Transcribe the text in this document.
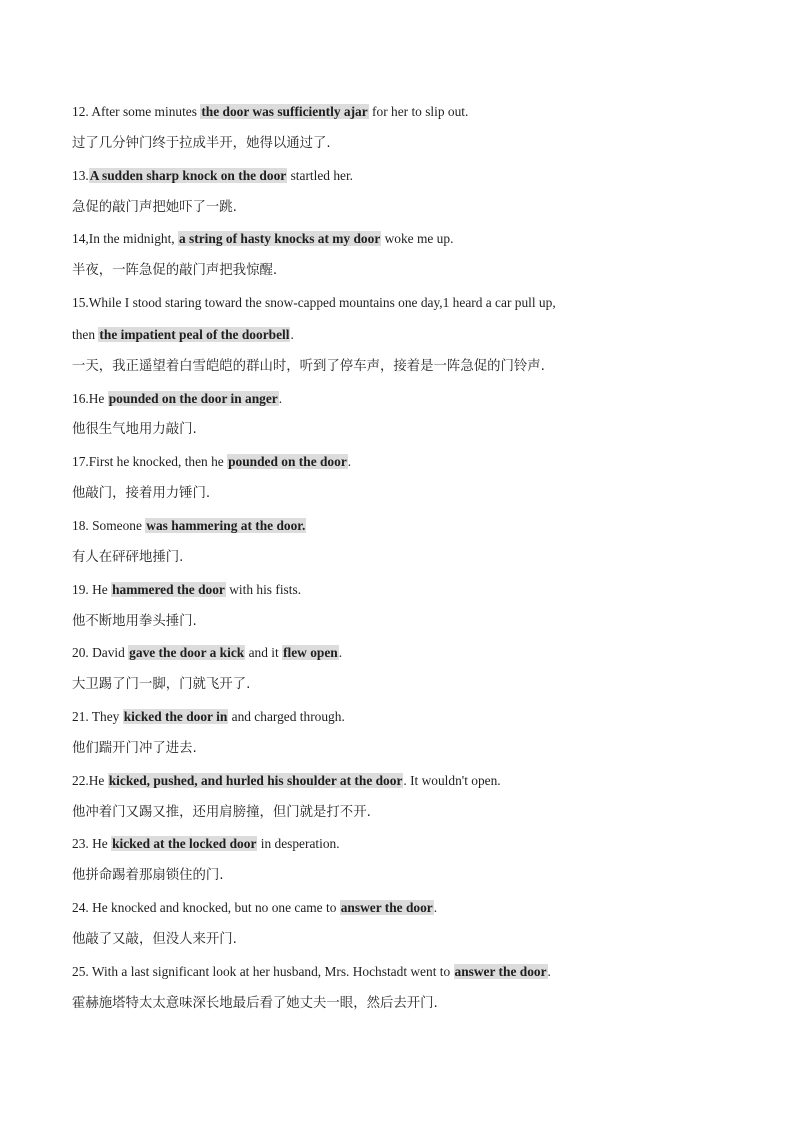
12. After some minutes the door was sufficiently ajar for her to slip out.
过了几分钟门终于拉成半开，她得以通过了.
13.A sudden sharp knock on the door startled her.
急促的敲门声把她吓了一跳.
14,In the midnight, a string of hasty knocks at my door woke me up.
半夜，一阵急促的敲门声把我惊醒.
15.While I stood staring toward the snow-capped mountains one day,1 heard a car pull up,
then the impatient peal of the doorbell.
一天，我正遥望着白雪皑皑的群山时，听到了停车声，接着是一阵急促的门铃声.
16.He pounded on the door in anger.
他很生气地用力敲门.
17.First he knocked, then he pounded on the door.
他敲门，接着用力锤门.
18. Someone was hammering at the door.
有人在砰砰地捶门.
19. He hammered the door with his fists.
他不断地用拳头捶门.
20. David gave the door a kick and it flew open.
大卫踢了门一脚，门就飞开了.
21. They kicked the door in and charged through.
他们踹开门冲了进去.
22.He kicked, pushed, and hurled his shoulder at the door. It wouldn't open.
他冲着门又踢又推，还用肩膀撞，但门就是打不开.
23. He kicked at the locked door in desperation.
他拼命踢着那扇锁住的门.
24. He knocked and knocked, but no one came to answer the door.
他敲了又敲，但没人来开门.
25. With a last significant look at her husband, Mrs. Hochstadt went to answer the door.
霍赫施塔特太太意味深长地最后看了她丈夫一眼，然后去开门.
